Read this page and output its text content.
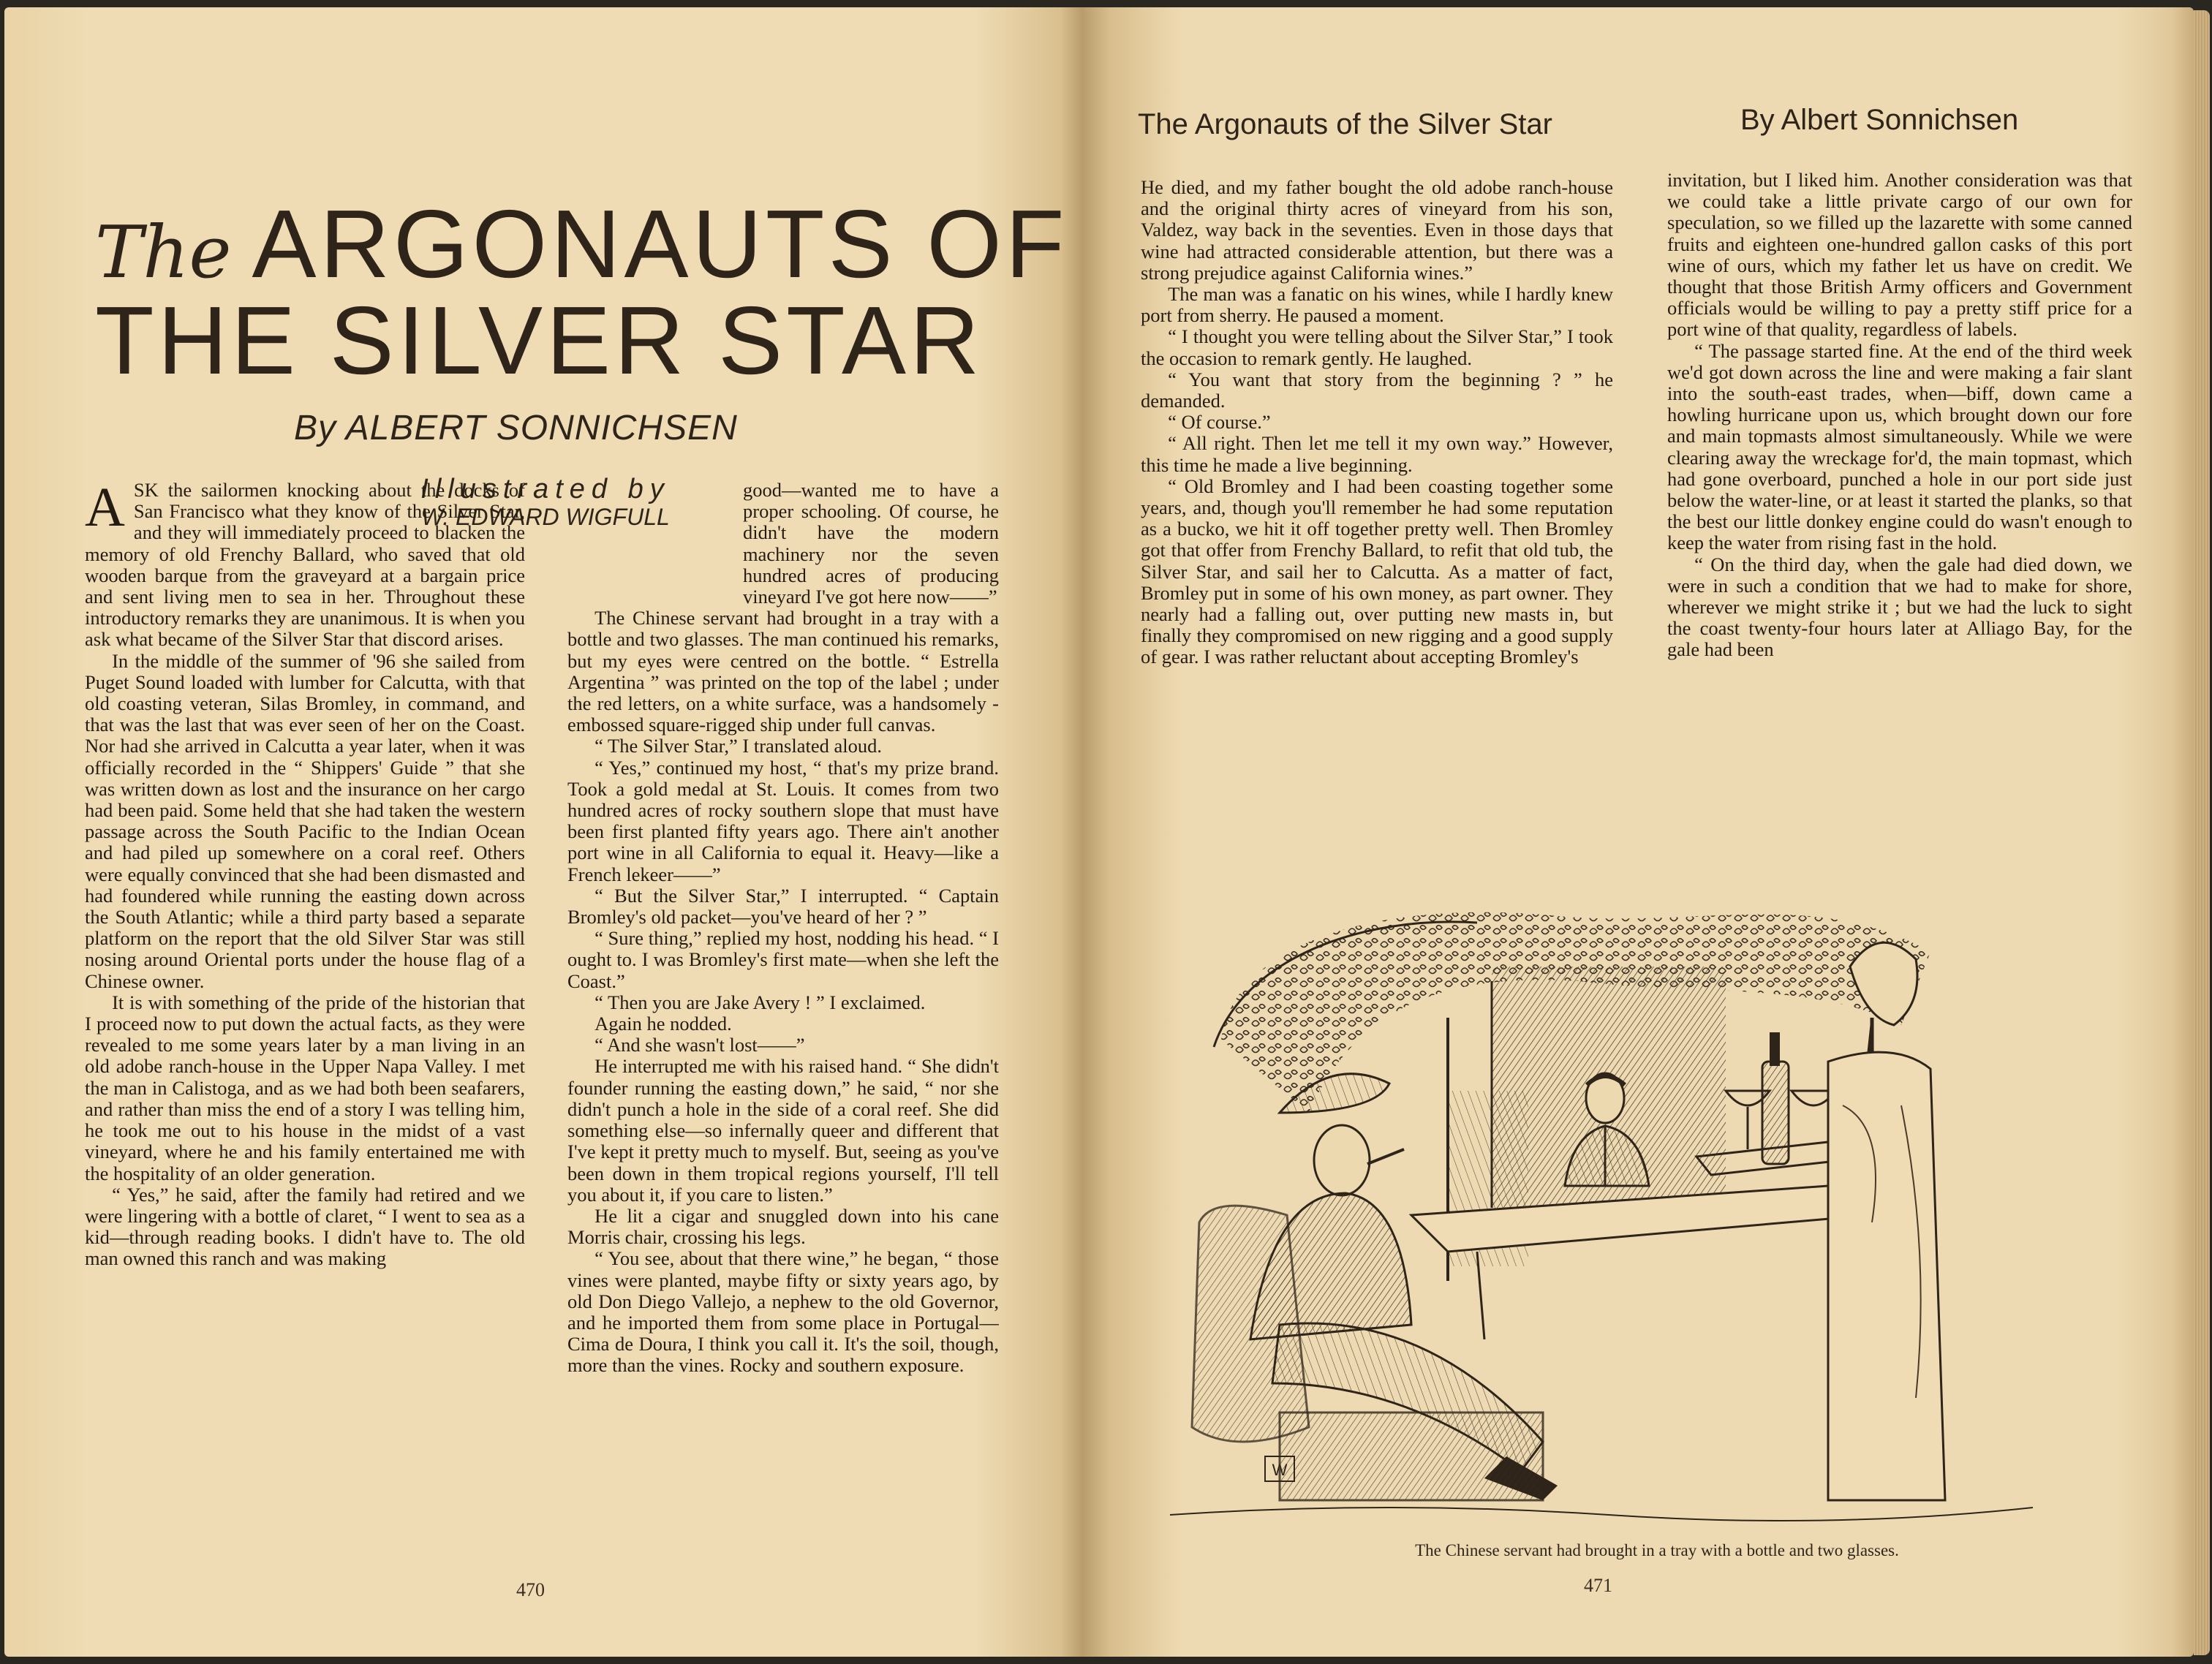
The ARGONAUTS OF
THE SILVER STAR
By ALBERT SONNICHSEN
Illustrated by
W. EDWARD WIGFULL

ASK the sailormen knocking about the docks of San Francisco what they know of the Silver Star, and they will immediately proceed to blacken the memory of old Frenchy Ballard, who saved that old wooden barque from the graveyard at a bargain price and sent living men to sea in her. Throughout these introductory remarks they are unanimous. It is when you ask what became of the Silver Star that discord arises.

In the middle of the summer of '96 she sailed from Puget Sound loaded with lumber for Calcutta, with that old coasting veteran, Silas Bromley, in command, and that was the last that was ever seen of her on the Coast. Nor had she arrived in Calcutta a year later, when it was officially recorded in the “ Shippers' Guide ” that she was written down as lost and the insurance on her cargo had been paid. Some held that she had taken the western passage across the South Pacific to the Indian Ocean and had piled up somewhere on a coral reef. Others were equally convinced that she had been dismasted and had foundered while running the easting down across the South Atlantic; while a third party based a separate platform on the report that the old Silver Star was still nosing around Oriental ports under the house flag of a Chinese owner.

It is with something of the pride of the historian that I proceed now to put down the actual facts, as they were revealed to me some years later by a man living in an old adobe ranch-house in the Upper Napa Valley. I met the man in Calistoga, and as we had both been seafarers, and rather than miss the end of a story I was telling him, he took me out to his house in the midst of a vast vineyard, where he and his family entertained me with the hospitality of an older generation.

“ Yes,” he said, after the family had retired and we were lingering with a bottle of claret, “ I went to sea as a kid—through reading books. I didn't have to. The old man owned this ranch and was making

good—wanted me to have a proper schooling. Of course, he didn't have the modern machinery nor the seven hundred acres of producing vineyard I've got here now——”

The Chinese servant had brought in a tray with a bottle and two glasses. The man continued his remarks, but my eyes were centred on the bottle. “ Estrella Argentina ” was printed on the top of the label ; under the red letters, on a white surface, was a handsomely - embossed square-rigged ship under full canvas.

“ The Silver Star,” I translated aloud.

“ Yes,” continued my host, “ that's my prize brand. Took a gold medal at St. Louis. It comes from two hundred acres of rocky southern slope that must have been first planted fifty years ago. There ain't another port wine in all California to equal it. Heavy—like a French lekeer——”

“ But the Silver Star,” I interrupted. “ Captain Bromley's old packet—you've heard of her ? ”

“ Sure thing,” replied my host, nodding his head. “ I ought to. I was Bromley's first mate—when she left the Coast.”

“ Then you are Jake Avery ! ” I exclaimed.

Again he nodded.

“ And she wasn't lost——”

He interrupted me with his raised hand. “ She didn't founder running the easting down,” he said, “ nor she didn't punch a hole in the side of a coral reef. She did something else—so infernally queer and different that I've kept it pretty much to myself. But, seeing as you've been down in them tropical regions yourself, I'll tell you about it, if you care to listen.”

He lit a cigar and snuggled down into his cane Morris chair, crossing his legs.

“ You see, about that there wine,” he began, “ those vines were planted, maybe fifty or sixty years ago, by old Don Diego Vallejo, a nephew to the old Governor, and he imported them from some place in Portugal—Cima de Doura, I think you call it. It's the soil, though, more than the vines. Rocky and southern exposure.

470
The Argonauts of the Silver Star	By Albert Sonnichsen

He died, and my father bought the old adobe ranch-house and the original thirty acres of vineyard from his son, Valdez, way back in the seventies. Even in those days that wine had attracted considerable attention, but there was a strong prejudice against California wines.”

The man was a fanatic on his wines, while I hardly knew port from sherry. He paused a moment.

“ I thought you were telling about the Silver Star,” I took the occasion to remark gently. He laughed.

“ You want that story from the beginning ? ” he demanded.

“ Of course.”

“ All right. Then let me tell it my own way.” However, this time he made a live beginning.

“ Old Bromley and I had been coasting together some years, and, though you'll remember he had some reputation as a bucko, we hit it off together pretty well. Then Bromley got that offer from Frenchy Ballard, to refit that old tub, the Silver Star, and sail her to Calcutta. As a matter of fact, Bromley put in some of his own money, as part owner. They nearly had a falling out, over putting new masts in, but finally they compromised on new rigging and a good supply of gear. I was rather reluctant about accepting Bromley's

invitation, but I liked him. Another consideration was that we could take a little private cargo of our own for speculation, so we filled up the lazarette with some canned fruits and eighteen one-hundred gallon casks of this port wine of ours, which my father let us have on credit. We thought that those British Army officers and Government officials would be willing to pay a pretty stiff price for a port wine of that quality, regardless of labels.

“ The passage started fine. At the end of the third week we'd got down across the line and were making a fair slant into the south-east trades, when—biff, down came a howling hurricane upon us, which brought down our fore and main topmasts almost simultaneously. While we were clearing away the wreckage for'd, the main topmast, which had gone overboard, punched a hole in our port side just below the water-line, or at least it started the planks, so that the best our little donkey engine could do wasn't enough to keep the water from rising fast in the hold.

“ On the third day, when the gale had died down, we were in such a condition that we had to make for shore, wherever we might strike it ; but we had the luck to sight the coast twenty-four hours later at Alliago Bay, for the gale had been

471
W
The Chinese servant had brought in a tray with a bottle and two glasses.
